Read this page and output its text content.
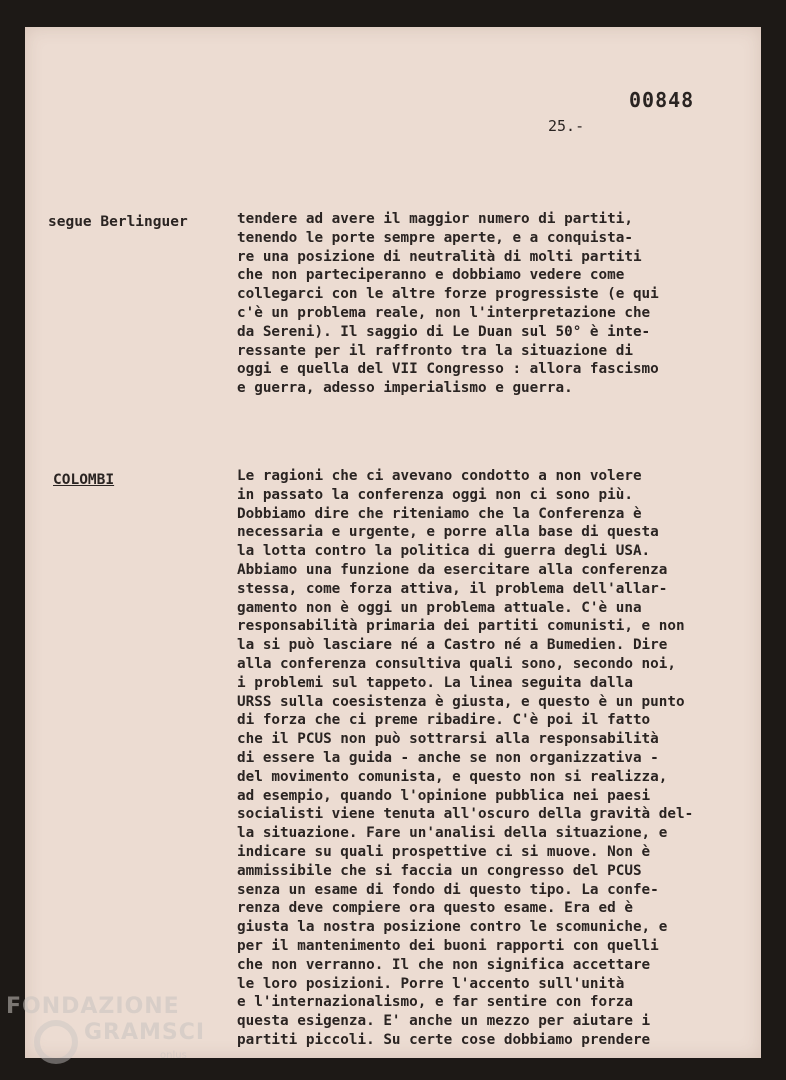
00848
25.-
segue Berlinguer	tendere ad avere il maggior numero di partiti,
tenendo le porte sempre aperte, e a conquista-
re una posizione di neutralità di molti partiti
che non parteciperanno e dobbiamo vedere come
collegarci con le altre forze progressiste (e qui
c'è un problema reale, non l'interpretazione che
da Sereni). Il saggio di Le Duan sul 50° è inte-
ressante per il raffronto tra la situazione di
oggi e quella del VII Congresso : allora fascismo
e guerra, adesso imperialismo e guerra.
COLOMBI	Le ragioni che ci avevano condotto a non volere
in passato la conferenza oggi non ci sono più.
Dobbiamo dire che riteniamo che la Conferenza è
necessaria e urgente, e porre alla base di questa
la lotta contro la politica di guerra degli USA.
Abbiamo una funzione da esercitare alla conferenza
stessa, come forza attiva, il problema dell'allar-
gamento non è oggi un problema attuale. C'è una
responsabilità primaria dei partiti comunisti, e non
la si può lasciare né a Castro né a Bumedien. Dire
alla conferenza consultiva quali sono, secondo noi,
i problemi sul tappeto. La linea seguita dalla
URSS sulla coesistenza è giusta, e questo è un punto
di forza che ci preme ribadire. C'è poi il fatto
che il PCUS non può sottrarsi alla responsabilità
di essere la guida - anche se non organizzativa -
del movimento comunista, e questo non si realizza,
ad esempio, quando l'opinione pubblica nei paesi
socialisti viene tenuta all'oscuro della gravità del-
la situazione. Fare un'analisi della situazione, e
indicare su quali prospettive ci si muove. Non è
ammissibile che si faccia un congresso del PCUS
senza un esame di fondo di questo tipo. La confe-
renza deve compiere ora questo esame. Era ed è
giusta la nostra posizione contro le scomuniche, e
per il mantenimento dei buoni rapporti con quelli
che non verranno. Il che non significa accettare
le loro posizioni. Porre l'accento sull'unità
e l'internazionalismo, e far sentire con forza
questa esigenza. E' anche un mezzo per aiutare i
partiti piccoli. Su certe cose dobbiamo prendere
FONDAZIONE
GRAMSCI
onlus
